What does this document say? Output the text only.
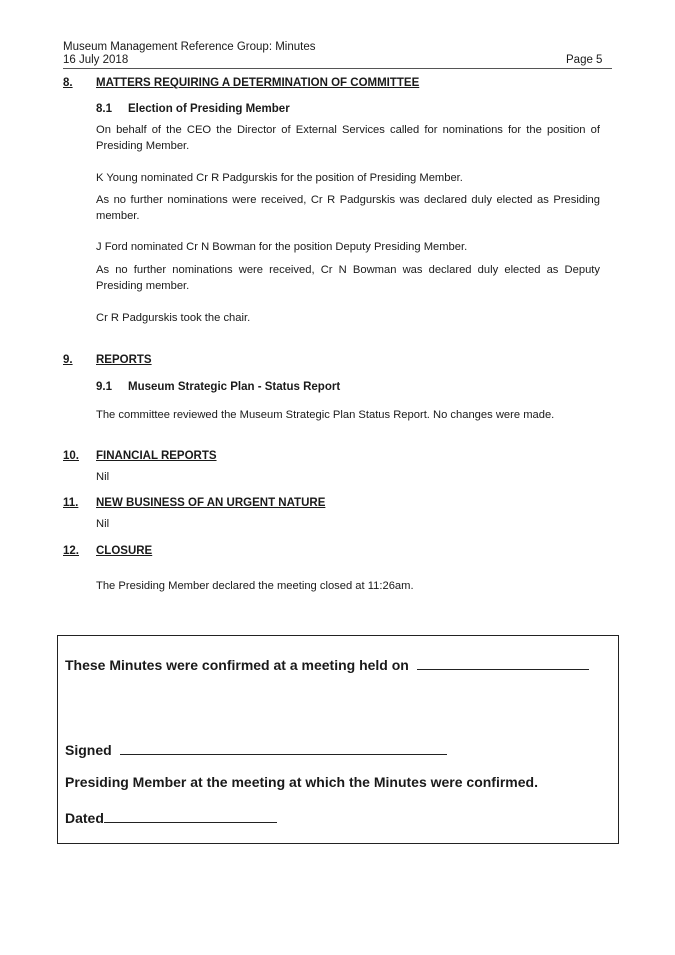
Museum Management Reference Group: Minutes
16 July 2018	Page 5
8. MATTERS REQUIRING A DETERMINATION OF COMMITTEE
8.1 Election of Presiding Member
On behalf of the CEO the Director of External Services called for nominations for the position of Presiding Member.
K Young nominated Cr R Padgurskis for the position of Presiding Member.
As no further nominations were received, Cr R Padgurskis was declared duly elected as Presiding member.
J Ford nominated Cr N Bowman for the position Deputy Presiding Member.
As no further nominations were received, Cr N Bowman was declared duly elected as Deputy Presiding member.
Cr R Padgurskis took the chair.
9. REPORTS
9.1 Museum Strategic Plan - Status Report
The committee reviewed the Museum Strategic Plan Status Report. No changes were made.
10. FINANCIAL REPORTS
Nil
11. NEW BUSINESS OF AN URGENT NATURE
Nil
12. CLOSURE
The Presiding Member declared the meeting closed at 11:26am.
These Minutes were confirmed at a meeting held on
Signed
Presiding Member at the meeting at which the Minutes were confirmed.
Dated
